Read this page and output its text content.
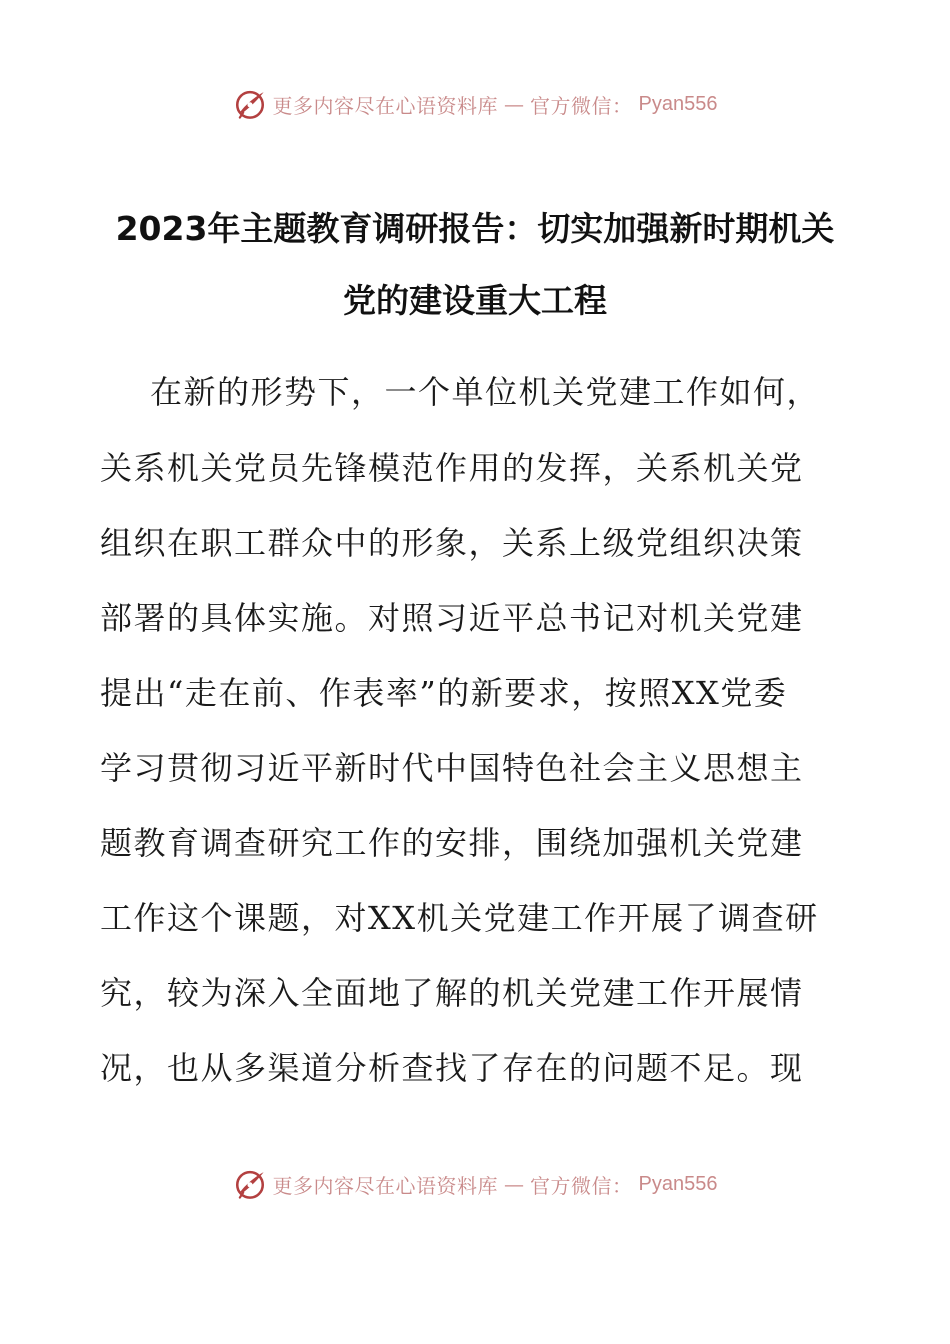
更多内容尽在心语资料库 — 官方微信： Pyan556
2023年主题教育调研报告：切实加强新时期机关
党的建设重大工程
在新的形势下，一个单位机关党建工作如何，
关系机关党员先锋模范作用的发挥，关系机关党
组织在职工群众中的形象，关系上级党组织决策
部署的具体实施。对照习近平总书记对机关党建
提出“走在前、作表率”的新要求，按照XX党委
学习贯彻习近平新时代中国特色社会主义思想主
题教育调查研究工作的安排，围绕加强机关党建
工作这个课题，对XX机关党建工作开展了调查研
究，较为深入全面地了解的机关党建工作开展情
况，也从多渠道分析查找了存在的问题不足。现
更多内容尽在心语资料库 — 官方微信： Pyan556
